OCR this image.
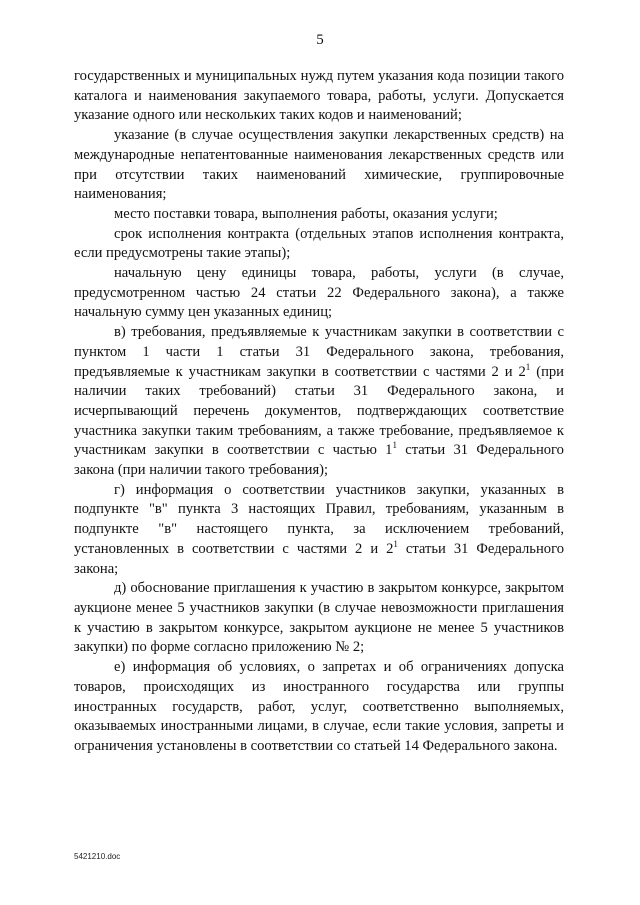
5

государственных и муниципальных нужд путем указания кода позиции такого каталога и наименования закупаемого товара, работы, услуги. Допускается указание одного или нескольких таких кодов и наименований;

указание (в случае осуществления закупки лекарственных средств) на международные непатентованные наименования лекарственных средств или при отсутствии таких наименований химические, группировочные наименования;

место поставки товара, выполнения работы, оказания услуги;

срок исполнения контракта (отдельных этапов исполнения контракта, если предусмотрены такие этапы);

начальную цену единицы товара, работы, услуги (в случае, предусмотренном частью 24 статьи 22 Федерального закона), а также начальную сумму цен указанных единиц;

в) требования, предъявляемые к участникам закупки в соответствии с пунктом 1 части 1 статьи 31 Федерального закона, требования, предъявляемые к участникам закупки в соответствии с частями 2 и $2^1$ (при наличии таких требований) статьи 31 Федерального закона, и исчерпывающий перечень документов, подтверждающих соответствие участника закупки таким требованиям, а также требование, предъявляемое к участникам закупки в соответствии с частью $1^1$ статьи 31 Федерального закона (при наличии такого требования);

г) информация о соответствии участников закупки, указанных в подпункте "в" пункта 3 настоящих Правил, требованиям, указанным в подпункте "в" настоящего пункта, за исключением требований, установленных в соответствии с частями 2 и $2^1$ статьи 31 Федерального закона;

д) обоснование приглашения к участию в закрытом конкурсе, закрытом аукционе менее 5 участников закупки (в случае невозможности приглашения к участию в закрытом конкурсе, закрытом аукционе не менее 5 участников закупки) по форме согласно приложению № 2;

е) информация об условиях, о запретах и об ограничениях допуска товаров, происходящих из иностранного государства или группы иностранных государств, работ, услуг, соответственно выполняемых, оказываемых иностранными лицами, в случае, если такие условия, запреты и ограничения установлены в соответствии со статьей 14 Федерального закона.

5421210.doc
